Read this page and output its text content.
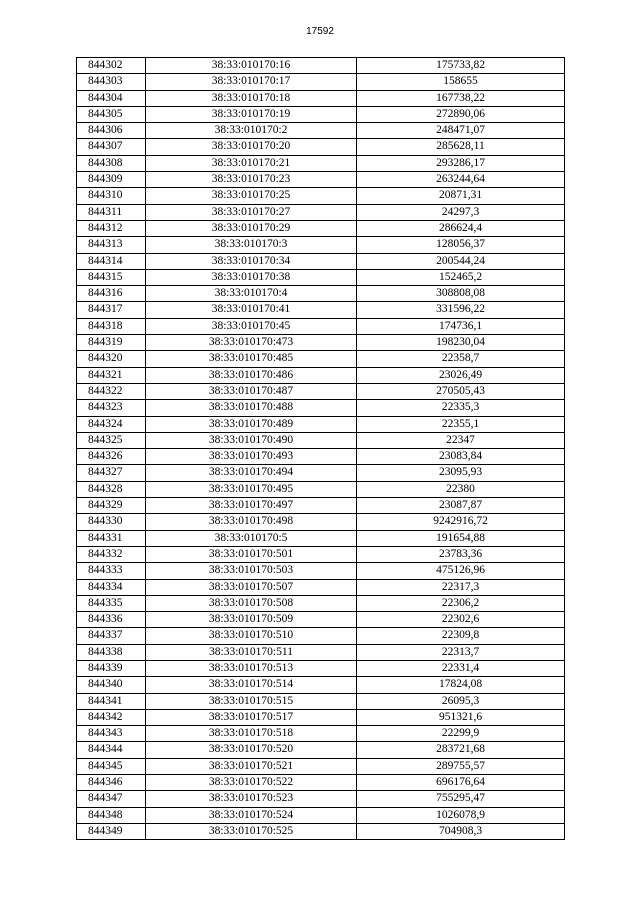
17592
844302	38:33:010170:16	175733,82
844303	38:33:010170:17	158655
844304	38:33:010170:18	167738,22
844305	38:33:010170:19	272890,06
844306	38:33:010170:2	248471,07
844307	38:33:010170:20	285628,11
844308	38:33:010170:21	293286,17
844309	38:33:010170:23	263244,64
844310	38:33:010170:25	20871,31
844311	38:33:010170:27	24297,3
844312	38:33:010170:29	286624,4
844313	38:33:010170:3	128056,37
844314	38:33:010170:34	200544,24
844315	38:33:010170:38	152465,2
844316	38:33:010170:4	308808,08
844317	38:33:010170:41	331596,22
844318	38:33:010170:45	174736,1
844319	38:33:010170:473	198230,04
844320	38:33:010170:485	22358,7
844321	38:33:010170:486	23026,49
844322	38:33:010170:487	270505,43
844323	38:33:010170:488	22335,3
844324	38:33:010170:489	22355,1
844325	38:33:010170:490	22347
844326	38:33:010170:493	23083,84
844327	38:33:010170:494	23095,93
844328	38:33:010170:495	22380
844329	38:33:010170:497	23087,87
844330	38:33:010170:498	9242916,72
844331	38:33:010170:5	191654,88
844332	38:33:010170:501	23783,36
844333	38:33:010170:503	475126,96
844334	38:33:010170:507	22317,3
844335	38:33:010170:508	22306,2
844336	38:33:010170:509	22302,6
844337	38:33:010170:510	22309,8
844338	38:33:010170:511	22313,7
844339	38:33:010170:513	22331,4
844340	38:33:010170:514	17824,08
844341	38:33:010170:515	26095,3
844342	38:33:010170:517	951321,6
844343	38:33:010170:518	22299,9
844344	38:33:010170:520	283721,68
844345	38:33:010170:521	289755,57
844346	38:33:010170:522	696176,64
844347	38:33:010170:523	755295,47
844348	38:33:010170:524	1026078,9
844349	38:33:010170:525	704908,3
